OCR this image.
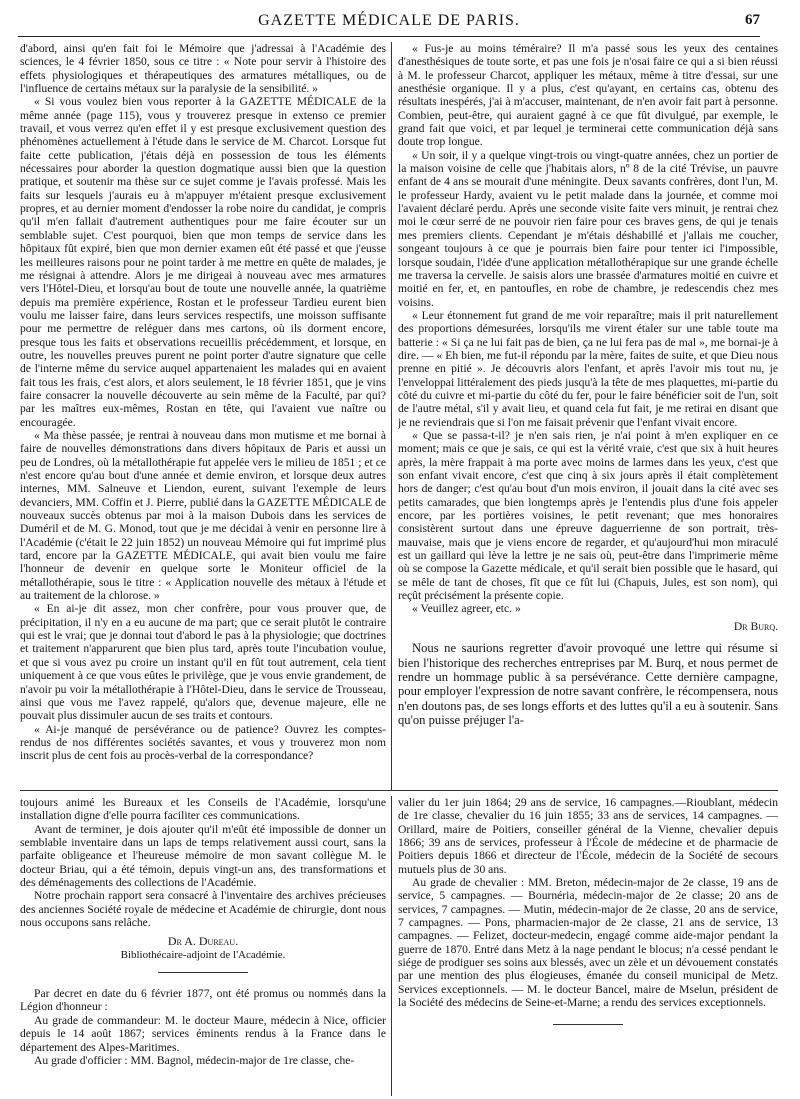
GAZETTE MÉDICALE DE PARIS.	67

d'abord, ainsi qu'en fait foi le Mémoire que j'adressai à l'Académie des sciences, le 4 février 1850, sous ce titre : « Note pour servir à l'histoire des effets physiologiques et thérapeutiques des armatures métalliques, ou de l'influence de certains métaux sur la paralysie de la sensibilité. »

« Si vous voulez bien vous reporter à la GAZETTE MÉDICALE de la même année (page 115), vous y trouverez presque in extenso ce premier travail, et vous verrez qu'en effet il y est presque exclusivement question des phénomènes actuellement à l'étude dans le service de M. Charcot. Lorsque fut faite cette publication, j'étais déjà en possession de tous les éléments nécessaires pour aborder la question dogmatique aussi bien que la question pratique, et soutenir ma thèse sur ce sujet comme je l'avais professé. Mais les faits sur lesquels j'aurais eu à m'appuyer m'étaient presque exclusivement propres, et au dernier moment d'endosser la robe noire du candidat, je compris qu'il m'en fallait d'autrement authentiques pour me faire écouter sur un semblable sujet. C'est pourquoi, bien que mon temps de service dans les hôpitaux fût expiré, bien que mon dernier examen eût été passé et que j'eusse les meilleures raisons pour ne point tarder à me mettre en quête de malades, je me résignai à attendre. Alors je me dirigeai à nouveau avec mes armatures vers l'Hôtel-Dieu, et lorsqu'au bout de toute une nouvelle année, la quatrième depuis ma première expérience, Rostan et le professeur Tardieu eurent bien voulu me laisser faire, dans leurs services respectifs, une moisson suffisante pour me permettre de reléguer dans mes cartons, où ils dorment encore, presque tous les faits et observations recueillis précédemment, et lorsque, en outre, les nouvelles preuves purent ne point porter d'autre signature que celle de l'interne même du service auquel appartenaient les malades qui en avaient fait tous les frais, c'est alors, et alors seulement, le 18 février 1851, que je vins faire consacrer la nouvelle découverte au sein même de la Faculté, par qui? par les maîtres eux-mêmes, Rostan en tête, qui l'avaient vue naître ou encouragée.

« Ma thèse passée, je rentrai à nouveau dans mon mutisme et me bornai à faire de nouvelles démonstrations dans divers hôpitaux de Paris et aussi un peu de Londres, où la métallothérapie fut appelée vers le milieu de 1851 ; et ce n'est encore qu'au bout d'une année et demie environ, et lorsque deux autres internes, MM. Salneuve et Liendon, eurent, suivant l'exemple de leurs devanciers, MM. Coffin et J. Pierre, publié dans la GAZETTE MÉDICALE de nouveaux succès obtenus par moi à la maison Dubois dans les services de Duméril et de M. G. Monod, tout que je me décidai à venir en personne lire à l'Académie (c'était le 22 juin 1852) un nouveau Mémoire qui fut imprimé plus tard, encore par la GAZETTE MÉDICALE, qui avait bien voulu me faire l'honneur de devenir en quelque sorte le Moniteur officiel de la métallothérapie, sous le titre : « Application nouvelle des métaux à l'étude et au traitement de la chlorose. »

« En ai-je dit assez, mon cher confrère, pour vous prouver que, de précipitation, il n'y en a eu aucune de ma part; que ce serait plutôt le contraire qui est le vrai; que je donnai tout d'abord le pas à la physiologie; que doctrines et traitement n'apparurent que bien plus tard, après toute l'incubation voulue, et que si vous avez pu croire un instant qu'il en fût tout autrement, cela tient uniquement à ce que vous eûtes le privilège, que je vous envie grandement, de n'avoir pu voir la métallothérapie à l'Hôtel-Dieu, dans le service de Trousseau, ainsi que vous me l'avez rappelé, qu'alors que, devenue majeure, elle ne pouvait plus dissimuler aucun de ses traits et contours.

« Ai-je manqué de persévérance ou de patience? Ouvrez les comptes-rendus de nos différentes sociétés savantes, et vous y trouverez mon nom inscrit plus de cent fois au procès-verbal de la correspondance?

« Fus-je au moins téméraire? Il m'a passé sous les yeux des centaines d'anesthésiques de toute sorte, et pas une fois je n'osai faire ce qui a si bien réussi à M. le professeur Charcot, appliquer les métaux, même à titre d'essai, sur une anesthésie organique. Il y a plus, c'est qu'ayant, en certains cas, obtenu des résultats inespérés, j'ai à m'accuser, maintenant, de n'en avoir fait part à personne. Combien, peut-être, qui auraient gagné à ce que fût divulgué, par exemple, le grand fait que voici, et par lequel je terminerai cette communication déjà sans doute trop longue.

« Un soir, il y a quelque vingt-trois ou vingt-quatre années, chez un portier de la maison voisine de celle que j'habitais alors, nº 8 de la cité Trévise, un pauvre enfant de 4 ans se mourait d'une méningite. Deux savants confrères, dont l'un, M. le professeur Hardy, avaient vu le petit malade dans la journée, et comme moi l'avaient déclaré perdu. Après une seconde visite faite vers minuit, je rentrai chez moi le cœur serré de ne pouvoir rien faire pour ces braves gens, de qui je tenais mes premiers clients. Cependant je m'étais déshabillé et j'allais me coucher, songeant toujours à ce que je pourrais bien faire pour tenter ici l'impossible, lorsque soudain, l'idée d'une application métallothérapique sur une grande échelle me traversa la cervelle. Je saisis alors une brassée d'armatures moitié en cuivre et moitié en fer, et, en pantoufles, en robe de chambre, je redescendis chez mes voisins.

« Leur étonnement fut grand de me voir reparaître; mais il prit naturellement des proportions démesurées, lorsqu'ils me virent étaler sur une table toute ma batterie : « Si ça ne lui fait pas de bien, ça ne lui fera pas de mal », me bornai-je à dire. — « Eh bien, me fut-il répondu par la mère, faites de suite, et que Dieu nous prenne en pitié ». Je découvris alors l'enfant, et après l'avoir mis tout nu, je l'enveloppai littéralement des pieds jusqu'à la tête de mes plaquettes, mi-partie du côté du cuivre et mi-partie du côté du fer, pour le faire bénéficier soit de l'un, soit de l'autre métal, s'il y avait lieu, et quand cela fut fait, je me retirai en disant que je ne reviendrais que si l'on me faisait prévenir que l'enfant vivait encore.

« Que se passa-t-il? je n'en sais rien, je n'ai point à m'en expliquer en ce moment; mais ce que je sais, ce qui est la vérité vraie, c'est que six à huit heures après, la mère frappait à ma porte avec moins de larmes dans les yeux, c'est que son enfant vivait encore, c'est que cinq à six jours après il était complètement hors de danger; c'est qu'au bout d'un mois environ, il jouait dans la cité avec ses petits camarades, que bien longtemps après je l'entendis plus d'une fois appeler encore, par les portières voisines, le petit revenant; que mes honoraires consistèrent surtout dans une épreuve daguerrienne de son portrait, très-mauvaise, mais que je viens encore de regarder, et qu'aujourd'hui mon miraculé est un gaillard qui lève la lettre je ne sais où, peut-être dans l'imprimerie même où se compose la Gazette médicale, et qu'il serait bien possible que le hasard, qui se mêle de tant de choses, fît que ce fût lui (Chapuis, Jules, est son nom), qui reçût précisément la présente copie.

« Veuillez agreer, etc. »

Dr Burq.

Nous ne saurions regretter d'avoir provoqué une lettre qui résume si bien l'historique des recherches entreprises par M. Burq, et nous permet de rendre un hommage public à sa persévérance. Cette dernière campagne, pour employer l'expression de notre savant confrère, le récompensera, nous n'en doutons pas, de ses longs efforts et des luttes qu'il a eu à soutenir. Sans qu'on puisse préjuger l'a-

toujours animé les Bureaux et les Conseils de l'Académie, lorsqu'une installation digne d'elle pourra faciliter ces communications.

Avant de terminer, je dois ajouter qu'il m'eût été impossible de donner un semblable inventaire dans un laps de temps relativement aussi court, sans la parfaite obligeance et l'heureuse mémoire de mon savant collègue M. le docteur Briau, qui a été témoin, depuis vingt-un ans, des transformations et des déménagements des collections de l'Académie.

Notre prochain rapport sera consacré à l'inventaire des archives précieuses des anciennes Société royale de médecine et Académie de chirurgie, dont nous nous occupons sans relâche.

Dr A. Dureau.

Bibliothécaire-adjoint de l'Académie.

Par decret en date du 6 février 1877, ont été promus ou nommés dans la Légion d'honneur :

Au grade de commandeur: M. le docteur Maure, médecin à Nice, officier depuis le 14 août 1867; services éminents rendus à la France dans le département des Alpes-Maritimes.

Au grade d'officier : MM. Bagnol, médecin-major de 1re classe, che-

valier du 1er juin 1864; 29 ans de service, 16 campagnes.—Rioublant, médecin de 1re classe, chevalier du 16 juin 1855; 33 ans de services, 14 campagnes. — Orillard, maire de Poitiers, conseiller général de la Vienne, chevalier depuis 1866; 39 ans de services, professeur à l'École de médecine et de pharmacie de Poitiers depuis 1866 et directeur de l'École, médecin de la Société de secours mutuels plus de 30 ans.

Au grade de chevalier : MM. Breton, médecin-major de 2e classe, 19 ans de service, 5 campagnes. — Bournéria, médecin-major de 2e classe; 20 ans de services, 7 campagnes. — Mutin, médecin-major de 2e classe, 20 ans de service, 7 campagnes. — Pons, pharmacien-major de 2e classe, 21 ans de service, 13 campagnes. — Felizet, docteur-medecin, engagé comme aide-major pendant la guerre de 1870. Entré dans Metz à la nage pendant le blocus; n'a cessé pendant le siége de prodiguer ses soins aux blessés, avec un zèle et un dévouement constatés par une mention des plus élogieuses, émanée du conseil municipal de Metz. Services exceptionnels. — M. le docteur Bancel, maire de Mselun, président de la Société des médecins de Seine-et-Marne; a rendu des services exceptionnels.
